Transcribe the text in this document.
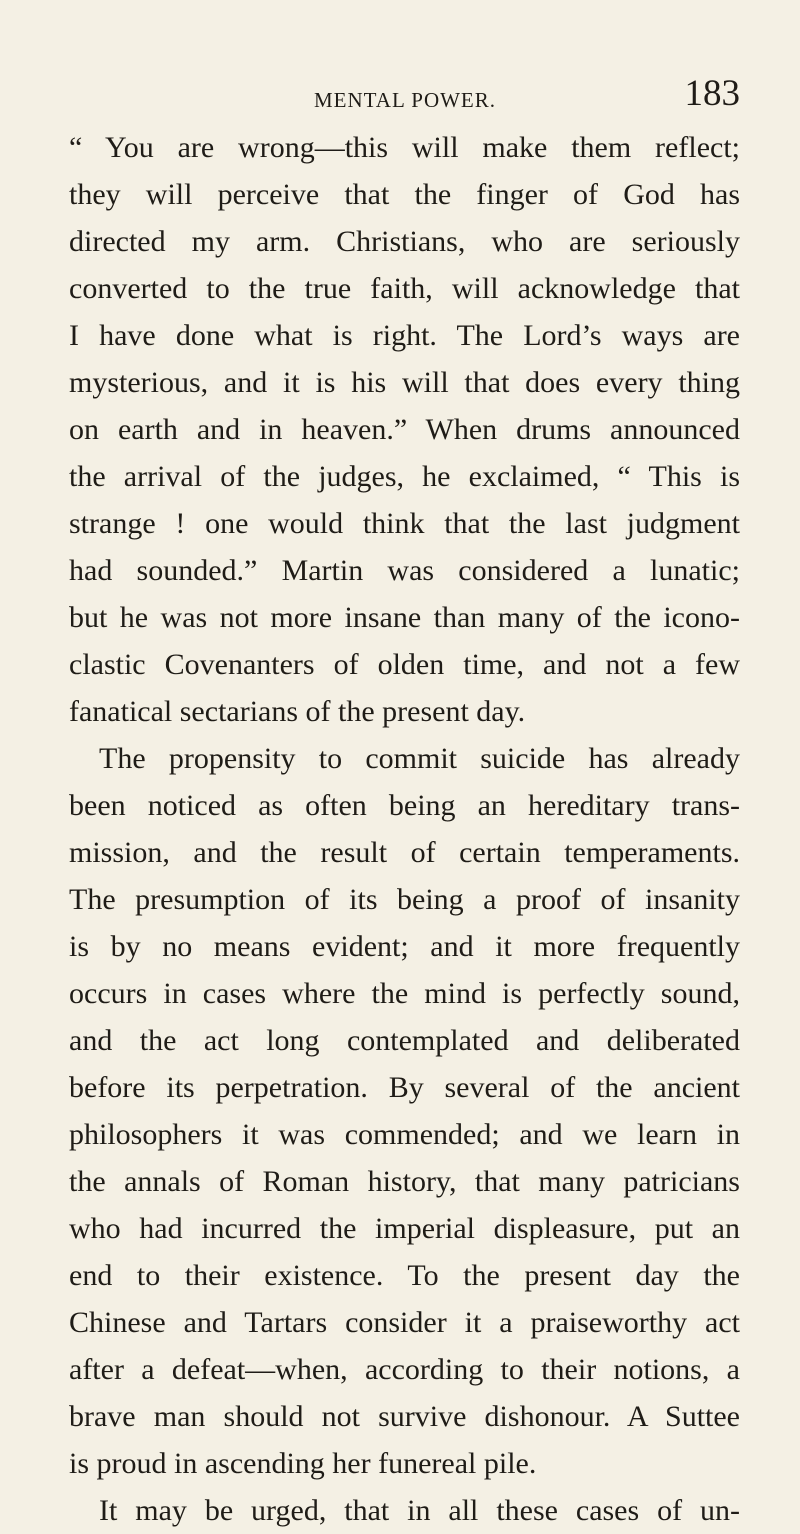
MENTAL POWER.	183
“ You are wrong—this will make them reflect;
they will perceive that the finger of God has
directed my arm. Christians, who are seriously
converted to the true faith, will acknowledge that
I have done what is right. The Lord’s ways are
mysterious, and it is his will that does every thing
on earth and in heaven.” When drums announced
the arrival of the judges, he exclaimed, “ This is
strange ! one would think that the last judgment
had sounded.” Martin was considered a lunatic;
but he was not more insane than many of the icono-
clastic Covenanters of olden time, and not a few
fanatical sectarians of the present day.
The propensity to commit suicide has already
been noticed as often being an hereditary trans-
mission, and the result of certain temperaments.
The presumption of its being a proof of insanity
is by no means evident; and it more frequently
occurs in cases where the mind is perfectly sound,
and the act long contemplated and deliberated
before its perpetration. By several of the ancient
philosophers it was commended; and we learn in
the annals of Roman history, that many patricians
who had incurred the imperial displeasure, put an
end to their existence. To the present day the
Chinese and Tartars consider it a praiseworthy act
after a defeat—when, according to their notions, a
brave man should not survive dishonour. A Suttee
is proud in ascending her funereal pile.
It may be urged, that in all these cases of un-
